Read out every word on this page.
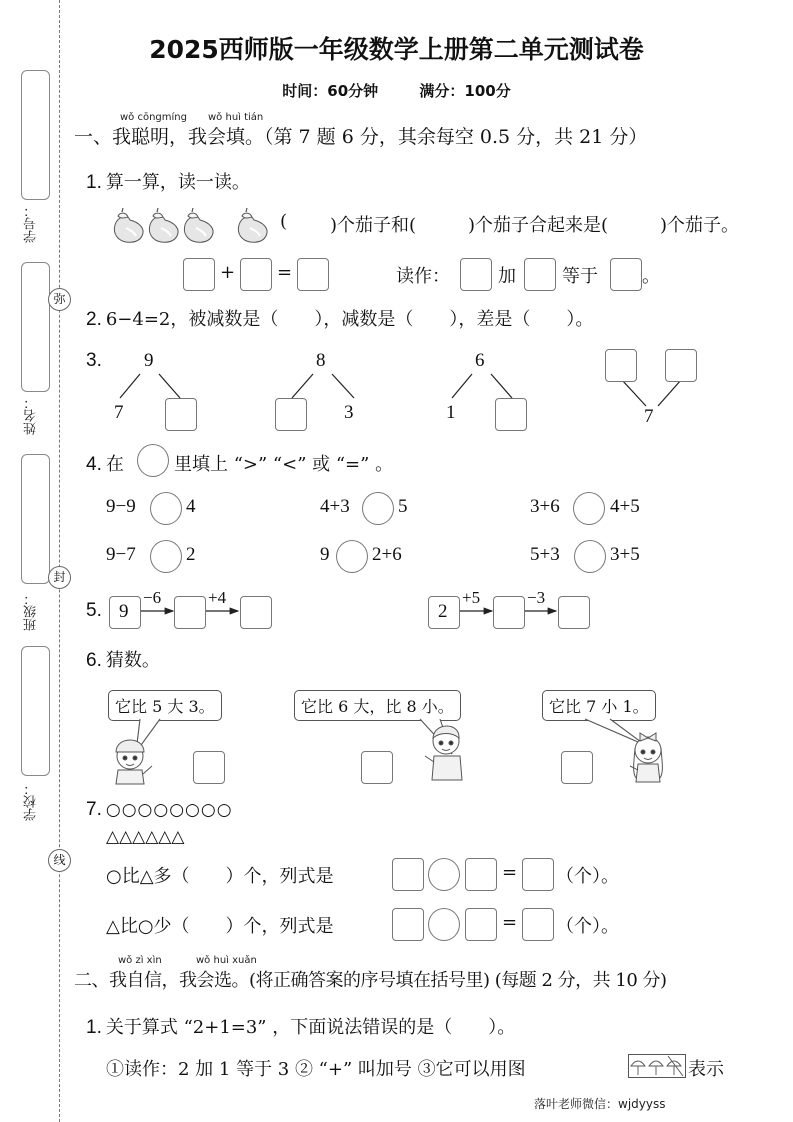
学号：
姓名：
班级：
学校：
弥
封
线
2025西师版一年级数学上册第二单元测试卷
时间：60分钟	满分：100分
wǒ cōngmíng wǒ huì tián
一、我聪明，我会填。（第 7 题 6 分，其余每空 0.5 分，共 21 分）
1. 算一算，读一读。
( )个茄子和(	)个茄子合起来是(	)个茄子。
+ =	读作：	加	等于 。
2. 6−4=2，被减数是（　　），减数是（　　），差是（　　）。
3. 9
7
8
3
6
1	7
4. 在	里填上 “>” “<” 或 “=” 。
9−9	4	4+3	5	3+6	4+5
9−7	2	9 2+6	5+3	3+5
5. 9
−6	+4
2
+5	−3
6. 猜数。
它比 5 大 3。	它比 6 大，比 8 小。	它比 7 小 1。
7. ○○○○○○○○
△△△△△△
○比△多（　　）个，列式是	= （个）。
△比○少（　　）个，列式是	= （个）。
wǒ zì xìn	wǒ huì xuǎn
二、我自信，我会选。(将正确答案的序号填在括号里) (每题 2 分，共 10 分)
1. 关于算式 “2+1=3” ，下面说法错误的是（　　）。
①读作：2 加 1 等于 3 ② “+” 叫加号 ③它可以用图	表示
落叶老师微信：wjdyyss
